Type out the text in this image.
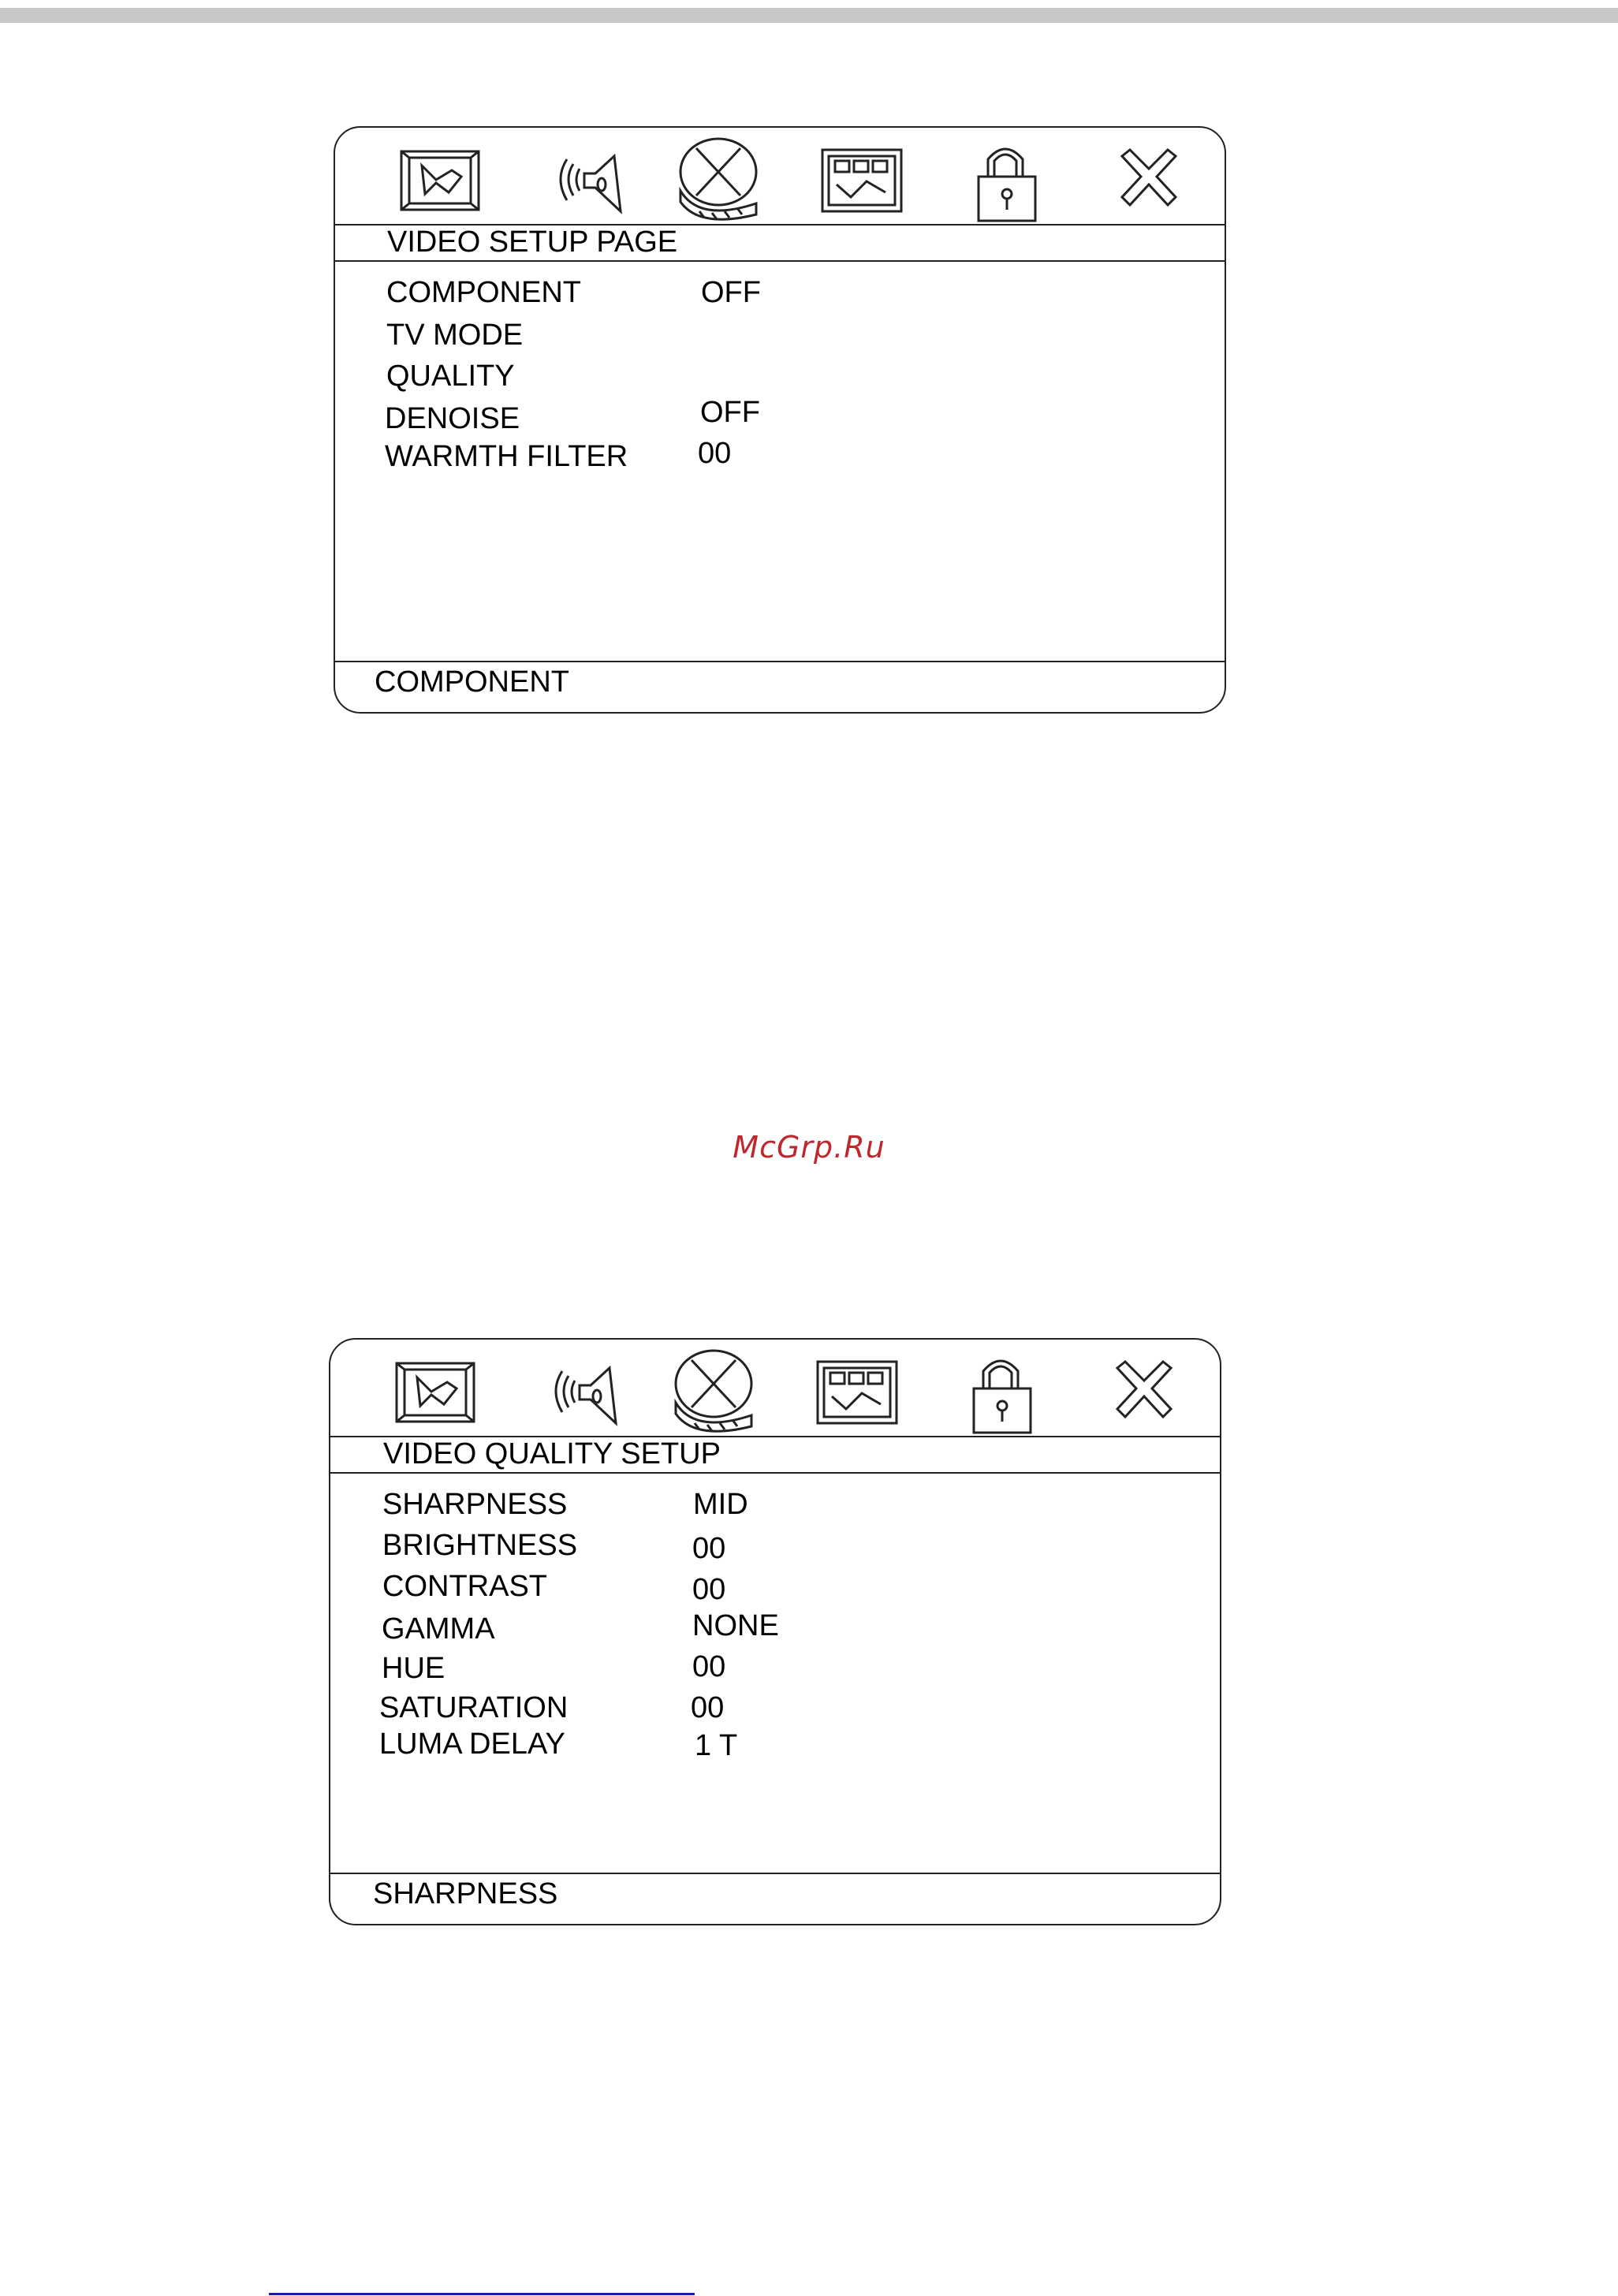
VIDEO SETUP PAGE
COMPONENT	OFF
TV MODE
QUALITY
DENOISE	OFF
WARMTH FILTER 00
COMPONENT
McGrp.Ru
VIDEO QUALITY SETUP
SHARPNESS	MID
BRIGHTNESS	00
CONTRAST	00
GAMMA	NONE
HUE	00
SATURATION	00
LUMA DELAY	1 T
SHARPNESS
